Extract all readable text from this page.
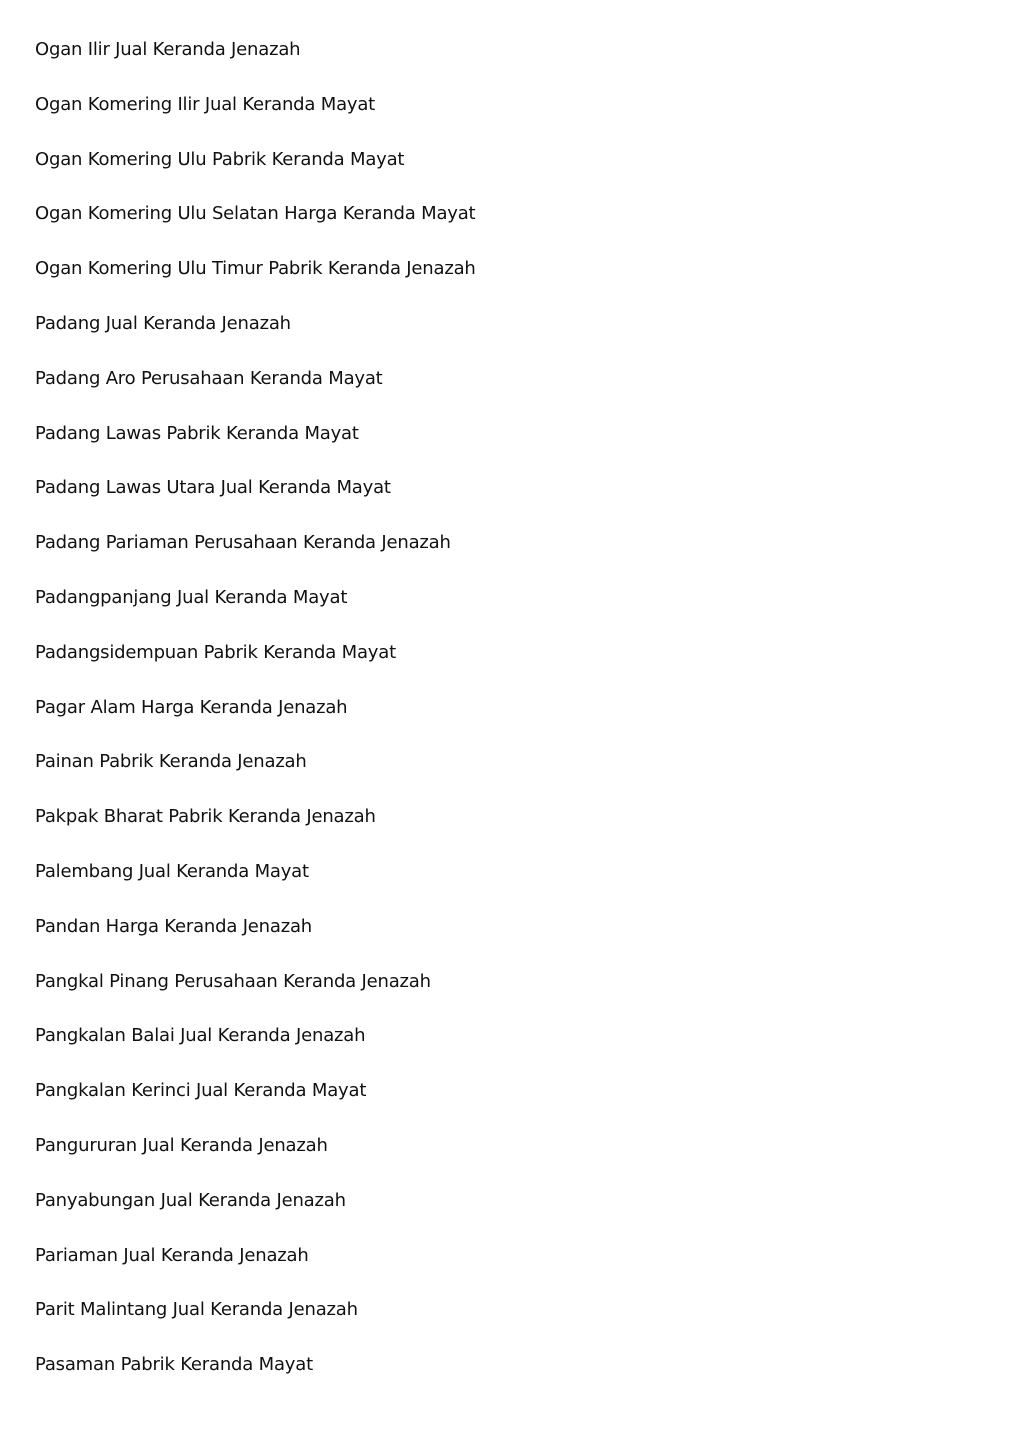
Ogan Ilir Jual Keranda Jenazah
Ogan Komering Ilir Jual Keranda Mayat
Ogan Komering Ulu Pabrik Keranda Mayat
Ogan Komering Ulu Selatan Harga Keranda Mayat
Ogan Komering Ulu Timur Pabrik Keranda Jenazah
Padang Jual Keranda Jenazah
Padang Aro Perusahaan Keranda Mayat
Padang Lawas Pabrik Keranda Mayat
Padang Lawas Utara Jual Keranda Mayat
Padang Pariaman Perusahaan Keranda Jenazah
Padangpanjang Jual Keranda Mayat
Padangsidempuan Pabrik Keranda Mayat
Pagar Alam Harga Keranda Jenazah
Painan Pabrik Keranda Jenazah
Pakpak Bharat Pabrik Keranda Jenazah
Palembang Jual Keranda Mayat
Pandan Harga Keranda Jenazah
Pangkal Pinang Perusahaan Keranda Jenazah
Pangkalan Balai Jual Keranda Jenazah
Pangkalan Kerinci Jual Keranda Mayat
Pangururan Jual Keranda Jenazah
Panyabungan Jual Keranda Jenazah
Pariaman Jual Keranda Jenazah
Parit Malintang Jual Keranda Jenazah
Pasaman Pabrik Keranda Mayat
